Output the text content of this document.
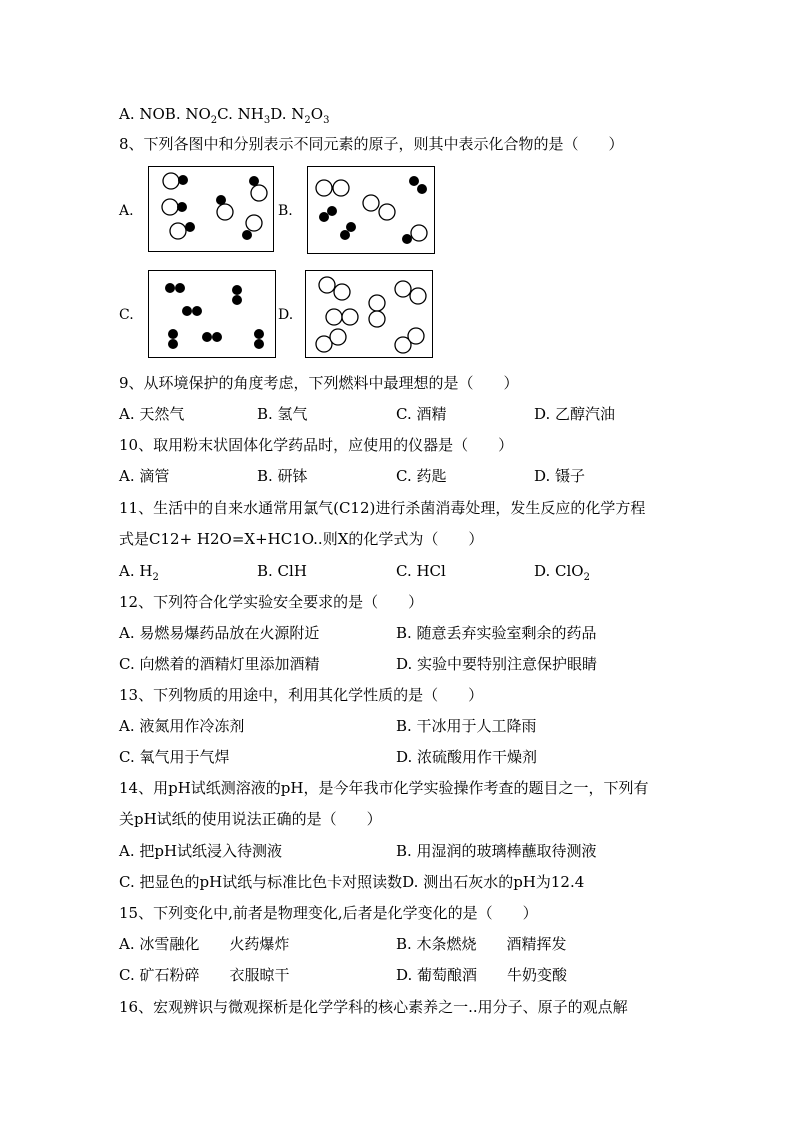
A. NOB. $NO_2C$. $NH_3D$. $N_2O_3$
8、下列各图中和分别表示不同元素的原子，则其中表示化合物的是（　　）
A.	B.
C.	D.
9、从环境保护的角度考虑，下列燃料中最理想的是（　　）
A. 天然气	B. 氢气	C. 酒精	D. 乙醇汽油
10、取用粉末状固体化学药品时，应使用的仪器是（　　）
A. 滴管	B. 研钵	C. 药匙	D. 镊子
11、生活中的自来水通常用氯气(C12)进行杀菌消毒处理，发生反应的化学方程
式是C12+ H2O=X+HC1O..则X的化学式为（　　）
A. $H_2$	B. ClH	C. HCl	D. ClO$_2$
12、下列符合化学实验安全要求的是（　　）
A. 易燃易爆药品放在火源附近	B. 随意丢弃实验室剩余的药品
C. 向燃着的酒精灯里添加酒精	D. 实验中要特别注意保护眼睛
13、下列物质的用途中，利用其化学性质的是（　　）
A. 液氮用作冷冻剂	B. 干冰用于人工降雨
C. 氧气用于气焊	D. 浓硫酸用作干燥剂
14、用pH试纸测溶液的pH，是今年我市化学实验操作考查的题目之一，下列有
关pH试纸的使用说法正确的是（　　）
A. 把pH试纸浸入待测液	B. 用湿润的玻璃棒蘸取待测液
C. 把显色的pH试纸与标准比色卡对照读数D. 测出石灰水的pH为12.4
15、下列变化中,前者是物理变化,后者是化学变化的是（　　）
A. 冰雪融化　　火药爆炸	B. 木条燃烧　　酒精挥发
C. 矿石粉碎　　衣服晾干	D. 葡萄酿酒　　牛奶变酸
16、宏观辨识与微观探析是化学学科的核心素养之一..用分子、原子的观点解
